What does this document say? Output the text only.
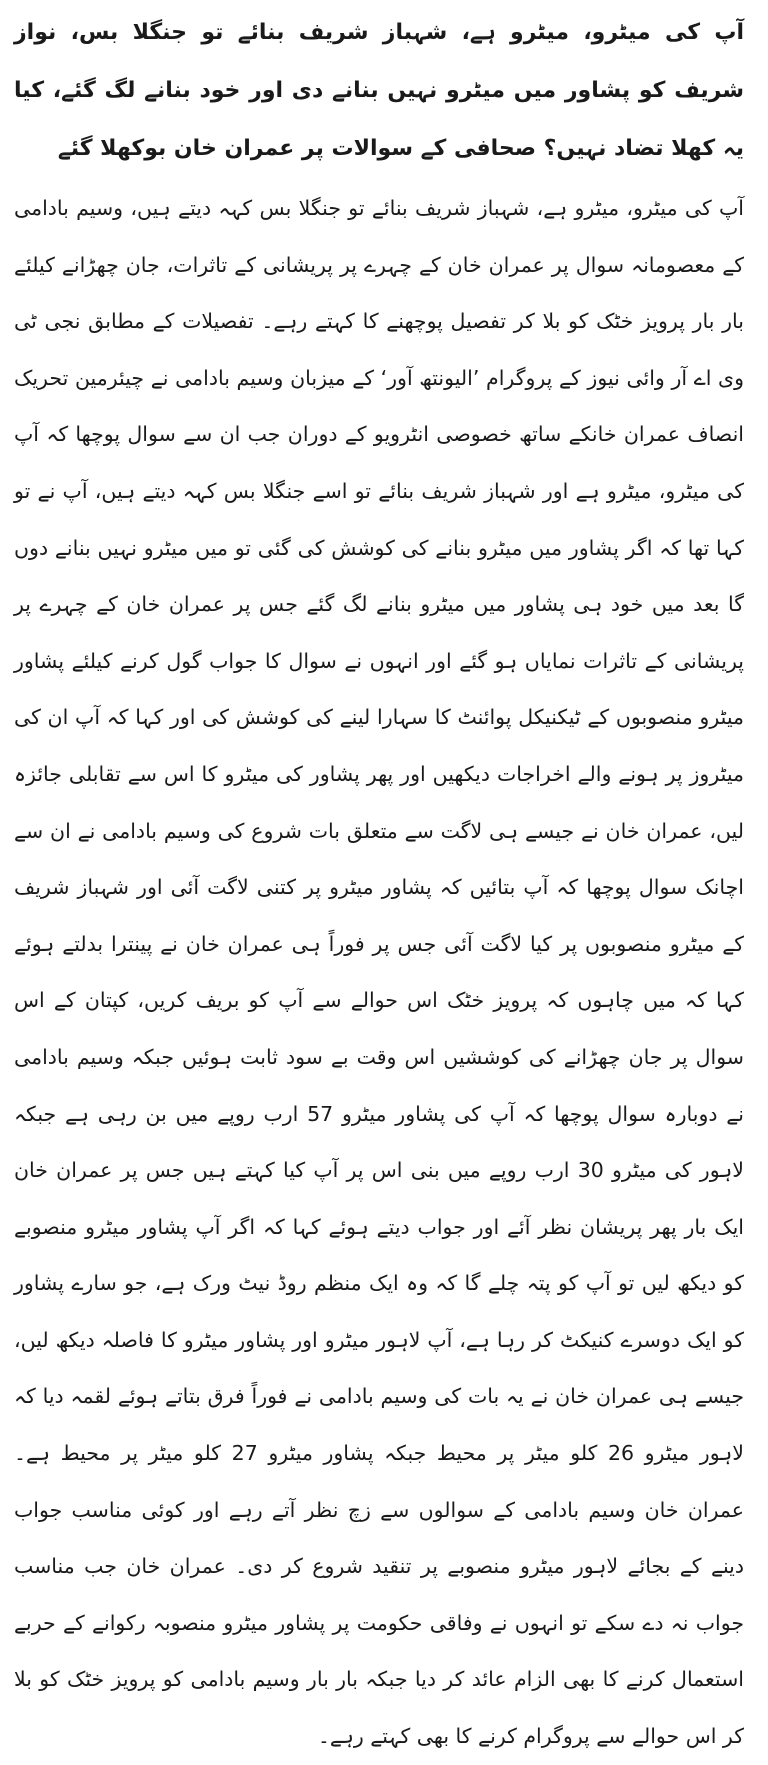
آپ کی میٹرو، میٹرو ہے، شہباز شریف بنائے تو جنگلا بس، نواز شریف کو پشاور میں میٹرو نہیں بنانے دی اور خود بنانے لگ گئے، کیا یہ کھلا تضاد نہیں؟ صحافی کے سوالات پر عمران خان بوکھلا گئے

آپ کی میٹرو، میٹرو ہے، شہباز شریف بنائے تو جنگلا بس کہہ دیتے ہیں، وسیم بادامی کے معصومانہ سوال پر عمران خان کے چہرے پر پریشانی کے تاثرات، جان چھڑانے کیلئے بار بار پرویز خٹک کو بلا کر تفصیل پوچھنے کا کہتے رہے۔ تفصیلات کے مطابق نجی ٹی وی اے آر وائی نیوز کے پروگرام ’الیونتھ آور‘ کے میزبان وسیم بادامی نے چیئرمین تحریک انصاف عمران خانکے ساتھ خصوصی انٹرویو کے دوران جب ان سے سوال پوچھا کہ آپ کی میٹرو، میٹرو ہے اور شہباز شریف بنائے تو اسے جنگلا بس کہہ دیتے ہیں، آپ نے تو کہا تھا کہ اگر پشاور میں میٹرو بنانے کی کوشش کی گئی تو میں میٹرو نہیں بنانے دوں گا بعد میں خود ہی پشاور میں میٹرو بنانے لگ گئے جس پر عمران خان کے چہرے پر پریشانی کے تاثرات نمایاں ہو گئے اور انہوں نے سوال کا جواب گول کرنے کیلئے پشاور میٹرو منصوبوں کے ٹیکنیکل پوائنٹ کا سہارا لینے کی کوشش کی اور کہا کہ آپ ان کی میٹروز پر ہونے والے اخراجات دیکھیں اور پھر پشاور کی میٹرو کا اس سے تقابلی جائزہ لیں، عمران خان نے جیسے ہی لاگت سے متعلق بات شروع کی وسیم بادامی نے ان سے اچانک سوال پوچھا کہ آپ بتائیں کہ پشاور میٹرو پر کتنی لاگت آئی اور شہباز شریف کے میٹرو منصوبوں پر کیا لاگت آئی جس پر فوراً ہی عمران خان نے پینترا بدلتے ہوئے کہا کہ میں چاہوں کہ پرویز خٹک اس حوالے سے آپ کو بریف کریں، کپتان کے اس سوال پر جان چھڑانے کی کوششیں اس وقت بے سود ثابت ہوئیں جبکہ وسیم بادامی نے دوبارہ سوال پوچھا کہ آپ کی پشاور میٹرو 57 ارب روپے میں بن رہی ہے جبکہ لاہور کی میٹرو 30 ارب روپے میں بنی اس پر آپ کیا کہتے ہیں جس پر عمران خان ایک بار پھر پریشان نظر آئے اور جواب دیتے ہوئے کہا کہ اگر آپ پشاور میٹرو منصوبے کو دیکھ لیں تو آپ کو پتہ چلے گا کہ وہ ایک منظم روڈ نیٹ ورک ہے، جو سارے پشاور کو ایک دوسرے کنیکٹ کر رہا ہے، آپ لاہور میٹرو اور پشاور میٹرو کا فاصلہ دیکھ لیں، جیسے ہی عمران خان نے یہ بات کی وسیم بادامی نے فوراً فرق بتاتے ہوئے لقمہ دیا کہ لاہور میٹرو 26 کلو میٹر پر محیط جبکہ پشاور میٹرو 27 کلو میٹر پر محیط ہے۔ عمران خان وسیم بادامی کے سوالوں سے زچ نظر آتے رہے اور کوئی مناسب جواب دینے کے بجائے لاہور میٹرو منصوبے پر تنقید شروع کر دی۔ عمران خان جب مناسب جواب نہ دے سکے تو انہوں نے وفاقی حکومت پر پشاور میٹرو منصوبہ رکوانے کے حربے استعمال کرنے کا بھی الزام عائد کر دیا جبکہ بار بار وسیم بادامی کو پرویز خٹک کو بلا کر اس حوالے سے پروگرام کرنے کا بھی کہتے رہے۔
